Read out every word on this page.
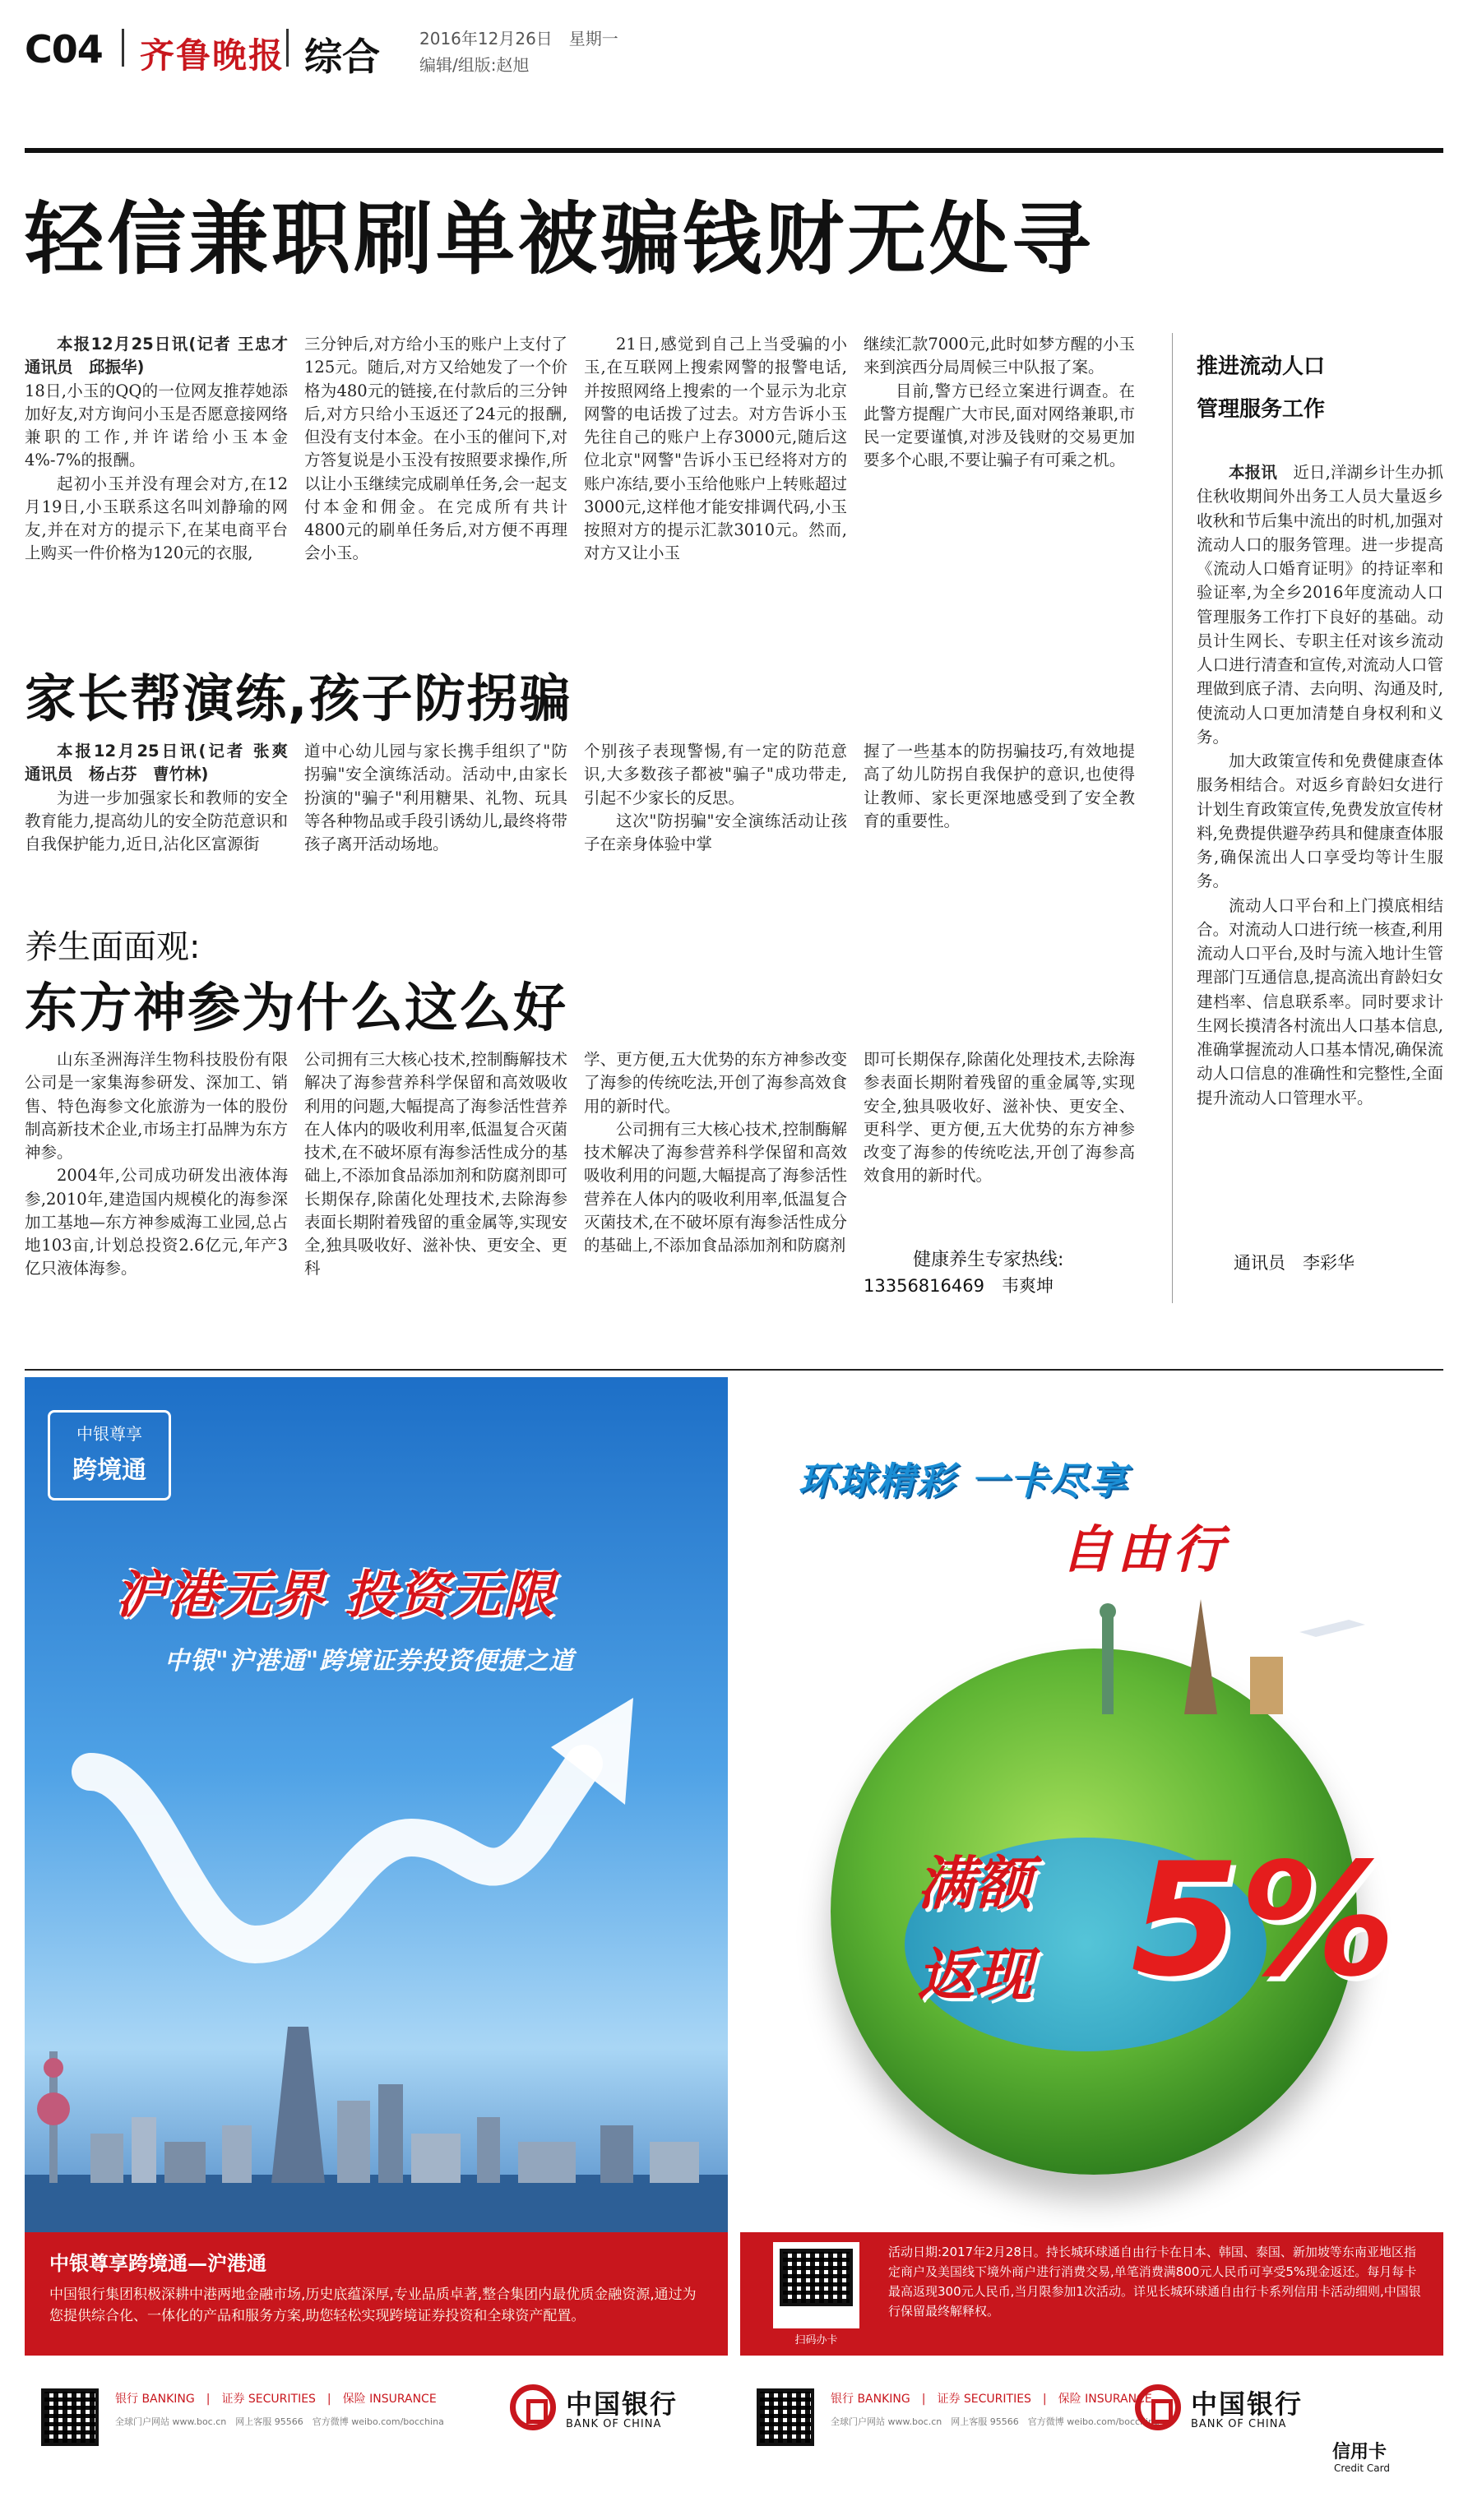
C04 齐鲁晚报 综合 2016年12月26日　星期一
编辑/组版:赵旭
轻信兼职刷单被骗钱财无处寻

本报12月25日讯(记者 王忠才　通讯员　邱振华)

18日,小玉的QQ的一位网友推荐她添加好友,对方询问小玉是否愿意接网络兼职的工作,并许诺给小玉本金4%-7%的报酬。

起初小玉并没有理会对方,在12月19日,小玉联系这名叫刘静瑜的网友,并在对方的提示下,在某电商平台上购买一件价格为120元的衣服,

三分钟后,对方给小玉的账户上支付了125元。随后,对方又给她发了一个价格为480元的链接,在付款后的三分钟后,对方只给小玉返还了24元的报酬,但没有支付本金。在小玉的催问下,对方答复说是小玉没有按照要求操作,所以让小玉继续完成刷单任务,会一起支付本金和佣金。在完成所有共计4800元的刷单任务后,对方便不再理会小玉。

21日,感觉到自己上当受骗的小玉,在互联网上搜索网警的报警电话,并按照网络上搜索的一个显示为北京网警的电话拨了过去。对方告诉小玉先往自己的账户上存3000元,随后这位北京"网警"告诉小玉已经将对方的账户冻结,要小玉给他账户上转账超过3000元,这样他才能安排调代码,小玉按照对方的提示汇款3010元。然而,对方又让小玉

继续汇款7000元,此时如梦方醒的小玉来到滨西分局周候三中队报了案。

目前,警方已经立案进行调查。在此警方提醒广大市民,面对网络兼职,市民一定要谨慎,对涉及钱财的交易更加要多个心眼,不要让骗子有可乘之机。

推进流动人口
管理服务工作

本报讯　 近日,洋湖乡计生办抓住秋收期间外出务工人员大量返乡收秋和节后集中流出的时机,加强对流动人口的服务管理。进一步提高《流动人口婚育证明》的持证率和验证率,为全乡2016年度流动人口管理服务工作打下良好的基础。动员计生网长、专职主任对该乡流动人口进行清查和宣传,对流动人口管理做到底子清、去向明、沟通及时,使流动人口更加清楚自身权利和义务。

加大政策宣传和免费健康查体服务相结合。对返乡育龄妇女进行计划生育政策宣传,免费发放宣传材料,免费提供避孕药具和健康查体服务,确保流出人口享受均等计生服务。

流动人口平台和上门摸底相结合。对流动人口进行统一核查,利用流动人口平台,及时与流入地计生管理部门互通信息,提高流出育龄妇女建档率、信息联系率。同时要求计生网长摸清各村流出人口基本信息,准确掌握流动人口基本情况,确保流动人口信息的准确性和完整性,全面提升流动人口管理水平。

通讯员　李彩华
家长帮演练,孩子防拐骗

本报12月25日讯(记者 张爽　通讯员　杨占芬　曹竹林)

为进一步加强家长和教师的安全教育能力,提高幼儿的安全防范意识和自我保护能力,近日,沾化区富源街

道中心幼儿园与家长携手组织了"防拐骗"安全演练活动。活动中,由家长扮演的"骗子"利用糖果、礼物、玩具等各种物品或手段引诱幼儿,最终将带孩子离开活动场地。

个别孩子表现警惕,有一定的防范意识,大多数孩子都被"骗子"成功带走,引起不少家长的反思。

这次"防拐骗"安全演练活动让孩子在亲身体验中掌

握了一些基本的防拐骗技巧,有效地提高了幼儿防拐自我保护的意识,也使得让教师、家长更深地感受到了安全教育的重要性。

养生面面观:
东方神参为什么这么好

山东圣洲海洋生物科技股份有限公司是一家集海参研发、深加工、销售、特色海参文化旅游为一体的股份制高新技术企业,市场主打品牌为东方神参。

2004年,公司成功研发出液体海参,2010年,建造国内规模化的海参深加工基地—东方神参威海工业园,总占地103亩,计划总投资2.6亿元,年产3亿只液体海参。

公司拥有三大核心技术,控制酶解技术解决了海参营养科学保留和高效吸收利用的问题,大幅提高了海参活性营养在人体内的吸收利用率,低温复合灭菌技术,在不破坏原有海参活性成分的基础上,不添加食品添加剂和防腐剂即可长期保存,除菌化处理技术,去除海参表面长期附着残留的重金属等,实现安全,独具吸收好、滋补快、更安全、更科

学、更方便,五大优势的东方神参改变了海参的传统吃法,开创了海参高效食用的新时代。

公司拥有三大核心技术,控制酶解技术解决了海参营养科学保留和高效吸收利用的问题,大幅提高了海参活性营养在人体内的吸收利用率,低温复合灭菌技术,在不破坏原有海参活性成分的基础上,不添加食品添加剂和防腐剂

即可长期保存,除菌化处理技术,去除海参表面长期附着残留的重金属等,实现安全,独具吸收好、滋补快、更安全、更科学、更方便,五大优势的东方神参改变了海参的传统吃法,开创了海参高效食用的新时代。

健康养生专家热线:
13356816469　韦爽坤
中银尊享
跨境通
沪港无界 投资无限
中银"沪港通"跨境证券投资便捷之道
中银尊享跨境通—沪港通
中国银行集团积极深耕中港两地金融市场,历史底蕴深厚,专业品质卓著,整合集团内最优质金融资源,通过为您提供综合化、一体化的产品和服务方案,助您轻松实现跨境证券投资和全球资产配置。
银行 BANKING　|　证券 SECURITIES　|　保险 INSURANCE
全球门户网站 www.boc.cn　网上客服 95566　官方微博 weibo.com/bocchina
中国银行
BANK OF CHINA
环球精彩 一卡尽享
自由行
满额
返现 5%
活动日期:2017年2月28日。持长城环球通自由行卡在日本、韩国、泰国、新加坡等东南亚地区指定商户及美国线下境外商户进行消费交易,单笔消费满800元人民币可享受5%现金返还。每月每卡最高返现300元人民币,当月限参加1次活动。详见长城环球通自由行卡系列信用卡活动细则,中国银行保留最终解释权。
扫码办卡
银行 BANKING　|　证券 SECURITIES　|　保险 INSURANCE
全球门户网站 www.boc.cn　网上客服 95566　官方微博 weibo.com/bocchina
中国银行
BANK OF CHINA
信用卡
Credit Card
